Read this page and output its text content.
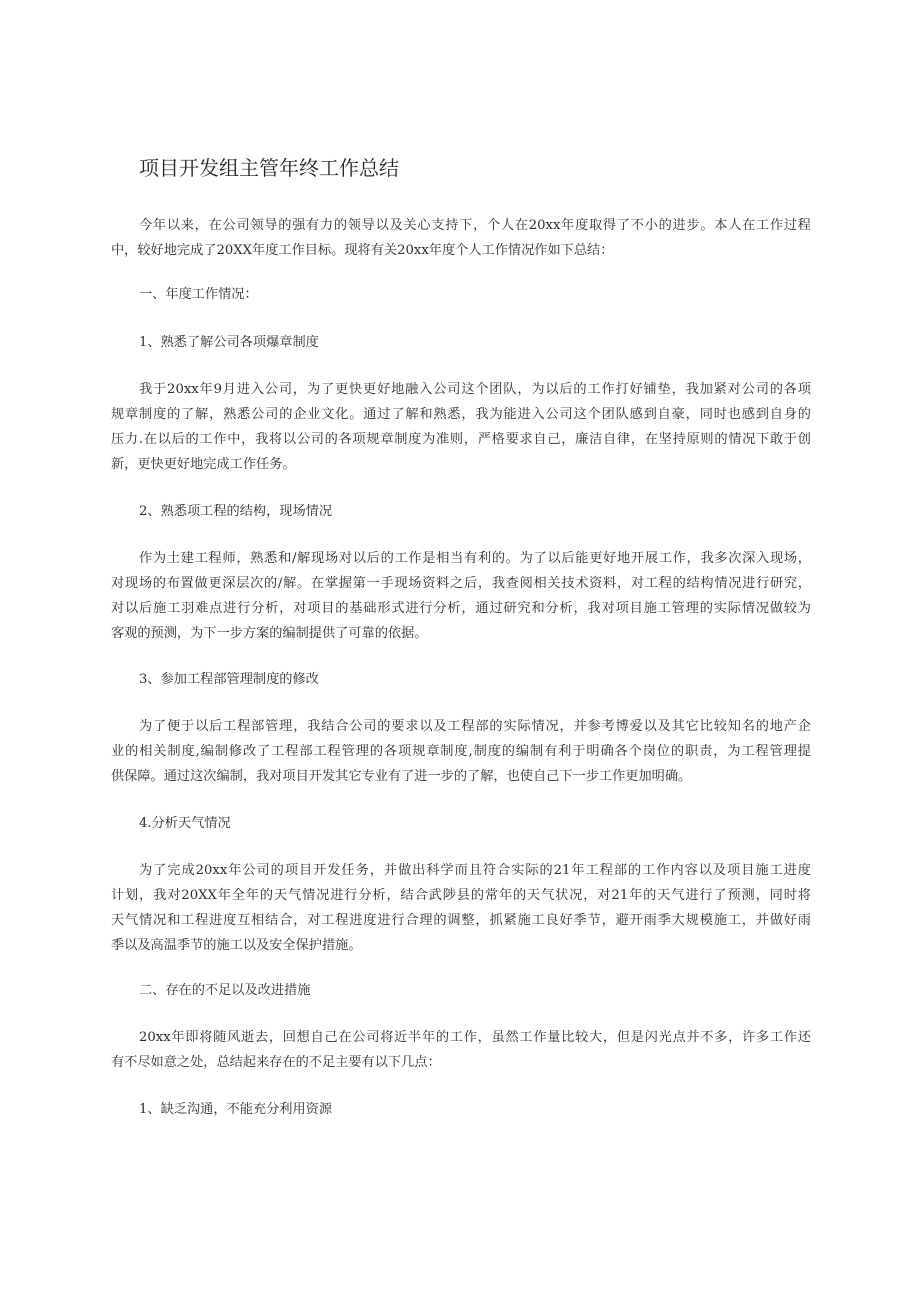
项目开发组主管年终工作总结

今年以来，在公司领导的强有力的领导以及关心支持下，个人在20xx年度取得了不小的进步。本人在工作过程
中，较好地完成了20XX年度工作目标。现将有关20xx年度个人工作情况作如下总结：

一、年度工作情况：

1、熟悉了解公司各项爆章制度

我于20xx年9月进入公司，为了更快更好地融入公司这个团队，为以后的工作打好铺垫，我加紧对公司的各项
规章制度的了解，熟悉公司的企业文化。通过了解和熟悉，我为能进入公司这个团队感到自豪，同时也感到自身的
压力.在以后的工作中，我将以公司的各项规章制度为准则，严格要求自己，廉洁自律，在坚持原则的情况下敢于创
新，更快更好地完成工作任务。

2、熟悉项工程的结构，现场情况

作为土建工程师，熟悉和/解现场对以后的工作是相当有利的。为了以后能更好地开展工作，我多次深入现场，
对现场的布置做更深层次的/解。在掌握第一手现场资料之后，我查阅相关技术资料，对工程的结构情况进行研究，
对以后施工羽难点进行分析，对项目的基础形式进行分析，通过研究和分析，我对项目施工管理的实际情况做较为
客观的预测，为下一步方案的编制提供了可靠的依据。

3、参加工程部管理制度的修改

为了便于以后工程部管理，我结合公司的要求以及工程部的实际情况，并参考博爱以及其它比较知名的地产企
业的相关制度,编制修改了工程部工程管理的各项规章制度,制度的编制有利于明确各个岗位的职责，为工程管理提
供保障。通过这次编制，我对项目开发其它专业有了进一步的了解，也使自己下一步工作更加明确。

4.分析天气情况

为了完成20xx年公司的项目开发任务，并做出科学而且符合实际的21年工程部的工作内容以及项目施工进度
计划，我对20XX年全年的天气情况进行分析，结合武陟县的常年的天气状况，对21年的天气进行了预测，同时将
天气情况和工程进度互相结合，对工程进度进行合理的调整，抓紧施工良好季节，避开雨季大规模施工，并做好雨
季以及高温季节的施工以及安全保护措施。

二、存在的不足以及改进措施

20xx年即将随风逝去，回想自己在公司将近半年的工作，虽然工作量比较大，但是闪光点并不多，许多工作还
有不尽如意之处，总结起来存在的不足主要有以下几点：

1、缺乏沟通，不能充分利用资源
